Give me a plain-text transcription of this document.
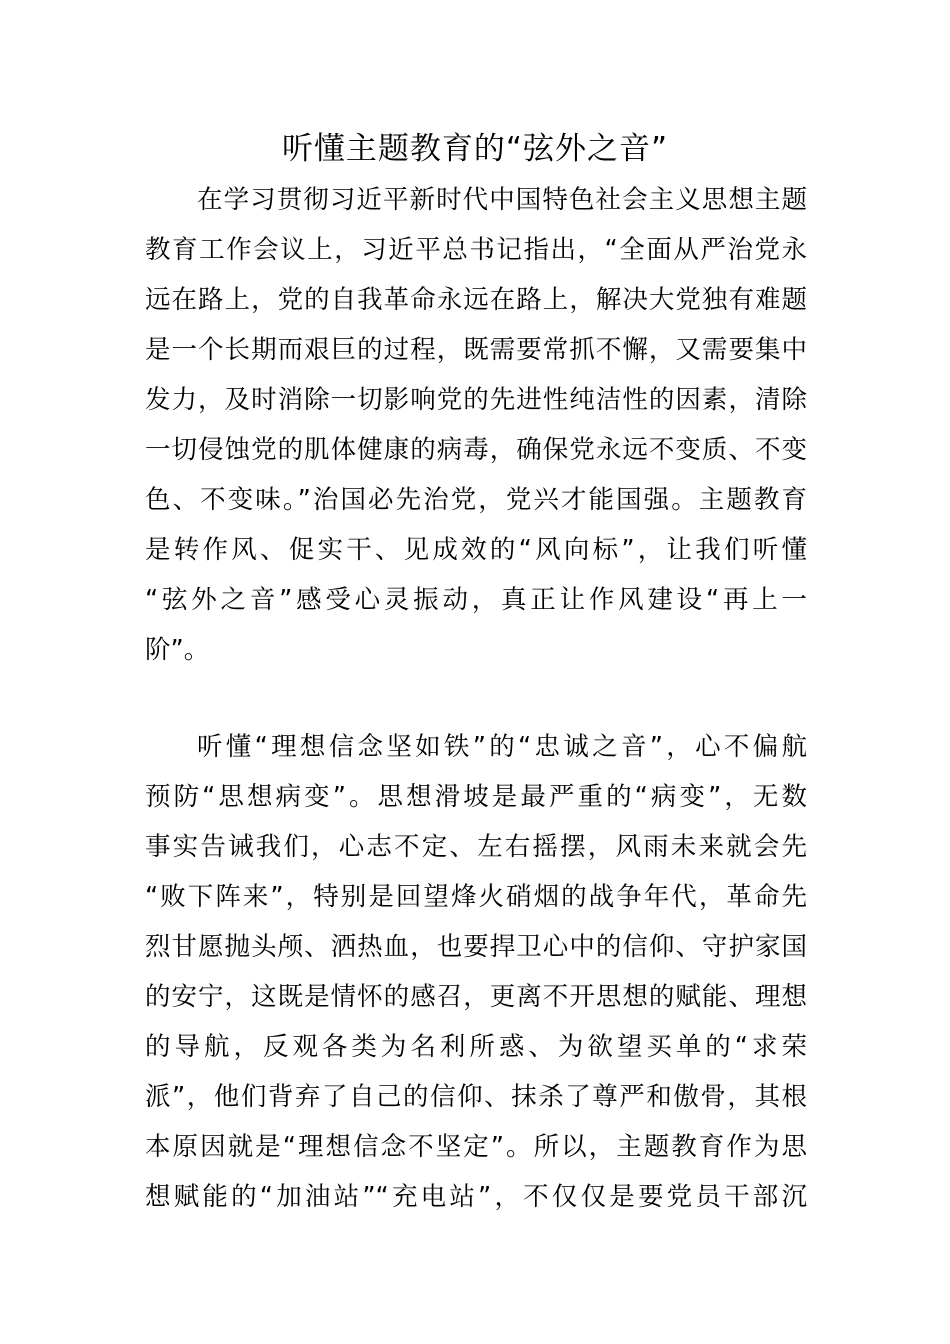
听懂主题教育的“弦外之音”
在学习贯彻习近平新时代中国特色社会主义思想主题
教育工作会议上，习近平总书记指出，“全面从严治党永
远在路上，党的自我革命永远在路上，解决大党独有难题
是一个长期而艰巨的过程，既需要常抓不懈，又需要集中
发力，及时消除一切影响党的先进性纯洁性的因素，清除
一切侵蚀党的肌体健康的病毒，确保党永远不变质、不变
色、不变味。”治国必先治党，党兴才能国强。主题教育
是转作风、促实干、见成效的“风向标”，让我们听懂
“弦外之音”感受心灵振动，真正让作风建设“再上一
阶”。
听懂“理想信念坚如铁”的“忠诚之音”，心不偏航
预防“思想病变”。思想滑坡是最严重的“病变”，无数
事实告诫我们，心志不定、左右摇摆，风雨未来就会先
“败下阵来”，特别是回望烽火硝烟的战争年代，革命先
烈甘愿抛头颅、洒热血，也要捍卫心中的信仰、守护家国
的安宁，这既是情怀的感召，更离不开思想的赋能、理想
的导航，反观各类为名利所惑、为欲望买单的“求荣
派”，他们背弃了自己的信仰、抹杀了尊严和傲骨，其根
本原因就是“理想信念不坚定”。所以，主题教育作为思
想赋能的“加油站”“充电站”，不仅仅是要党员干部沉
